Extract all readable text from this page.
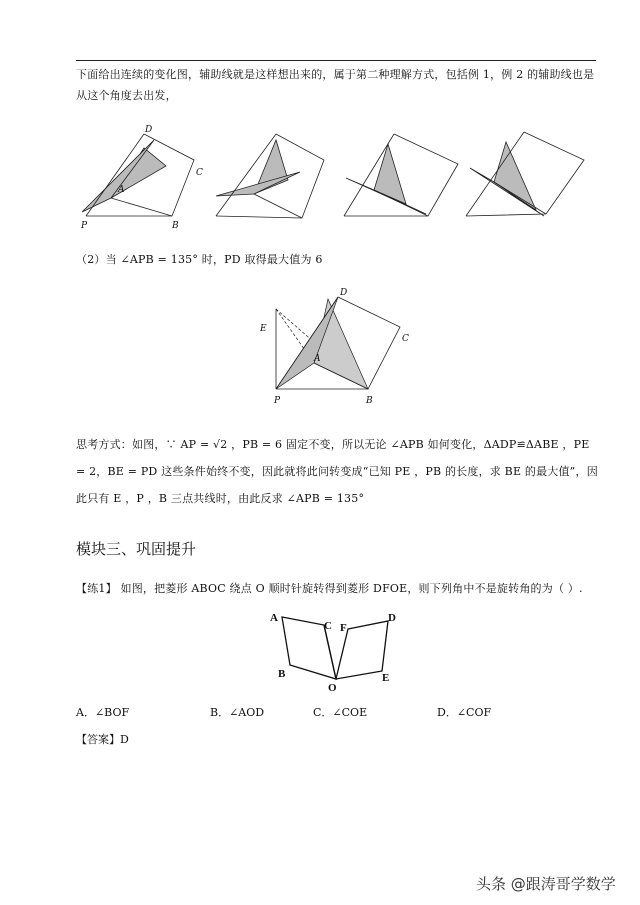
下面给出连续的变化图，辅助线就是这样想出来的，属于第二种理解方式，包括例 1，例 2 的辅助线也是从这个角度去出发，
D
C
A
P	B
（2）当 ∠APB = 135° 时，PD 取得最大值为 6
D
C
E
A
P	B
思考方式：如图，∵ AP = √2 ，PB = 6 固定不变，所以无论 ∠APB 如何变化，ΔADP≌ΔABE ，PE = 2，BE = PD 这些条件始终不变，因此就将此问转变成“已知 PE ，PB 的长度，求 BE 的最大值”，因此只有 E ，P ，B 三点共线时，由此反求 ∠APB = 135°
模块三、巩固提升
【练1】 如图，把菱形 ABOC 绕点 O 顺时针旋转得到菱形 DFOE，则下列角中不是旋转角的为（ ）.
A
C F
D
B
O
E
A．∠BOF	B．∠AOD	C．∠COE	D．∠COF
【答案】D
头条 @跟涛哥学数学
